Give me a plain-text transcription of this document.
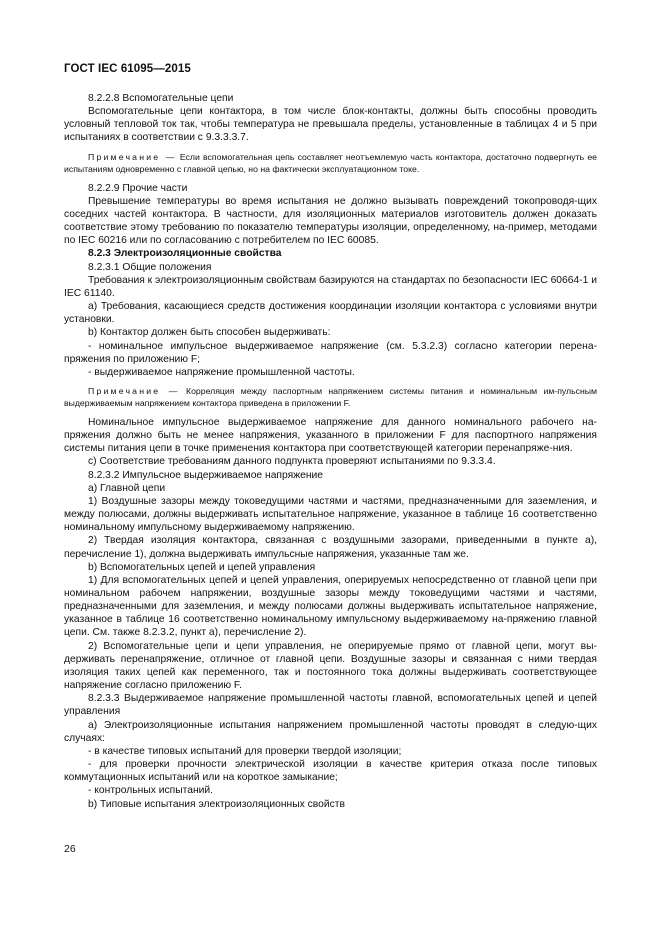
ГОСТ IEC 61095—2015

8.2.2.8 Вспомогательные цепи

Вспомогательные цепи контактора, в том числе блок-контакты, должны быть способны проводить условный тепловой ток так, чтобы температура не превышала пределы, установленные в таблицах 4 и 5 при испытаниях в соответствии с 9.3.3.3.7.

Примечание — Если вспомогательная цепь составляет неотъемлемую часть контактора, достаточно подвергнуть ее испытаниям одновременно с главной цепью, но на фактически эксплуатационном токе.

8.2.2.9 Прочие части

Превышение температуры во время испытания не должно вызывать повреждений токопроводя-щих соседних частей контактора. В частности, для изоляционных материалов изготовитель должен доказать соответствие этому требованию по показателю температуры изоляции, определенному, на-пример, методами по IEC 60216 или по согласованию с потребителем по IEC 60085.

8.2.3 Электроизоляционные свойства

8.2.3.1 Общие положения

Требования к электроизоляционным свойствам базируются на стандартах по безопасности IEC 60664-1 и IEC 61140.

a) Требования, касающиеся средств достижения координации изоляции контактора с условиями внутри установки.

b) Контактор должен быть способен выдерживать:

- номинальное импульсное выдерживаемое напряжение (см. 5.3.2.3) согласно категории перена-пряжения по приложению F;

- выдерживаемое напряжение промышленной частоты.

Примечание — Корреляция между паспортным напряжением системы питания и номинальным им-пульсным выдерживаемым напряжением контактора приведена в приложении F.

Номинальное импульсное выдерживаемое напряжение для данного номинального рабочего на-пряжения должно быть не менее напряжения, указанного в приложении F для паспортного напряжения системы питания цепи в точке применения контактора при соответствующей категории перенапряже-ния.

c) Соответствие требованиям данного подпункта проверяют испытаниями по 9.3.3.4.

8.2.3.2 Импульсное выдерживаемое напряжение

a) Главной цепи

1) Воздушные зазоры между токоведущими частями и частями, предназначенными для заземления, и между полюсами, должны выдерживать испытательное напряжение, указанное в таблице 16 соответственно номинальному импульсному выдерживаемому напряжению.

2) Твердая изоляция контактора, связанная с воздушными зазорами, приведенными в пункте а), перечисление 1), должна выдерживать импульсные напряжения, указанные там же.

b) Вспомогательных цепей и цепей управления

1) Для вспомогательных цепей и цепей управления, оперируемых непосредственно от главной цепи при номинальном рабочем напряжении, воздушные зазоры между токоведущими частями и частями, предназначенными для заземления, и между полюсами должны выдерживать испытательное напряжение, указанное в таблице 16 соответственно номинальному импульсному выдерживаемому на-пряжению главной цепи. См. также 8.2.3.2, пункт а), перечисление 2).

2) Вспомогательные цепи и цепи управления, не оперируемые прямо от главной цепи, могут вы-держивать перенапряжение, отличное от главной цепи. Воздушные зазоры и связанная с ними твердая изоляция таких цепей как переменного, так и постоянного тока должны выдерживать соответствующее напряжение согласно приложению F.

8.2.3.3 Выдерживаемое напряжение промышленной частоты главной, вспомогательных цепей и цепей управления

a) Электроизоляционные испытания напряжением промышленной частоты проводят в следую-щих случаях:

- в качестве типовых испытаний для проверки твердой изоляции;

- для проверки прочности электрической изоляции в качестве критерия отказа после типовых коммутационных испытаний или на короткое замыкание;

- контрольных испытаний.

b) Типовые испытания электроизоляционных свойств

26
